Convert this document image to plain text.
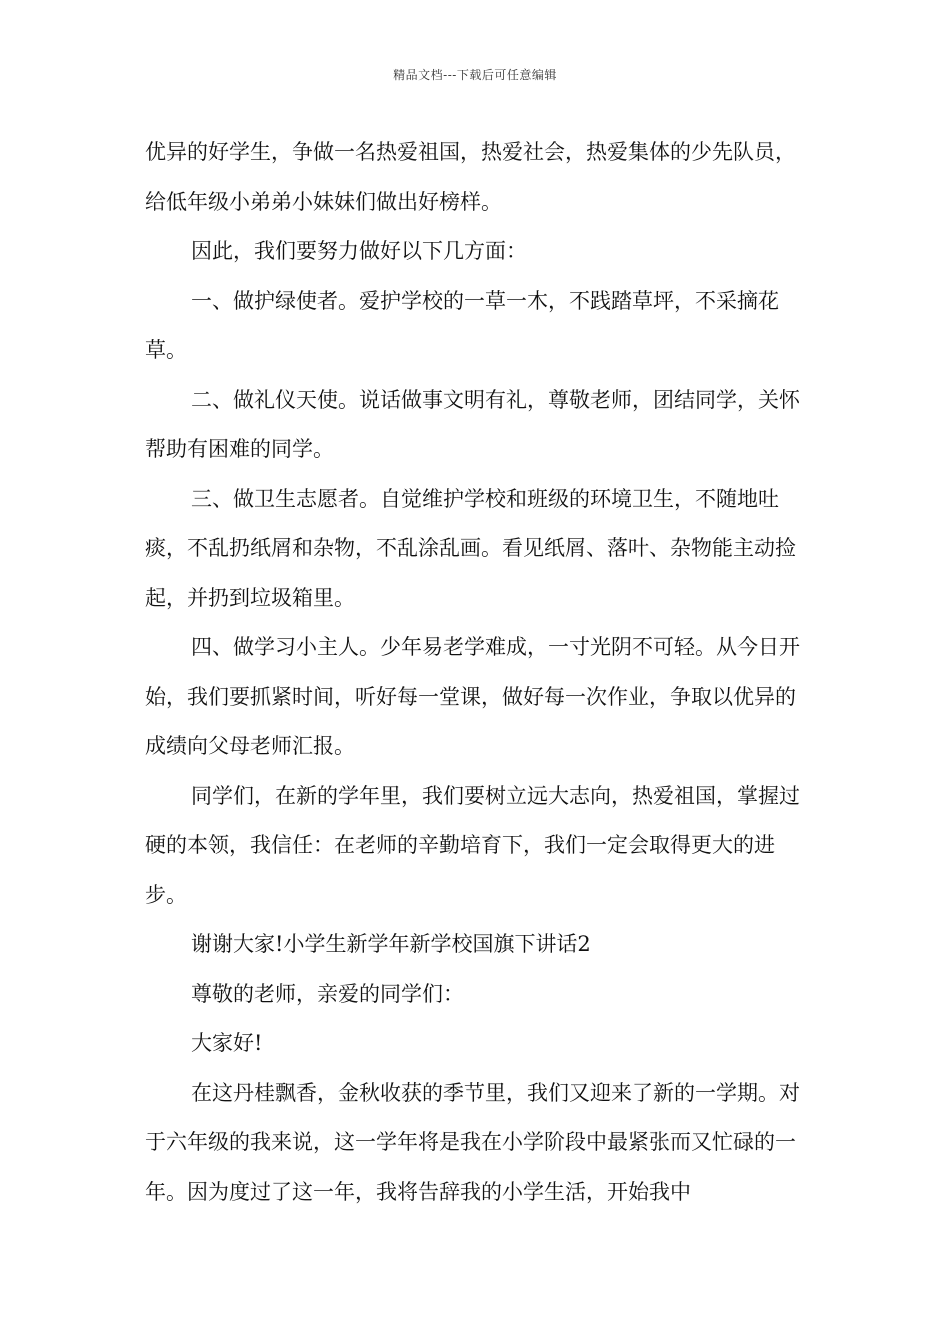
精品文档---下载后可任意编辑

优异的好学生，争做一名热爱祖国，热爱社会，热爱集体的少先队员，给低年级小弟弟小妹妹们做出好榜样。

因此，我们要努力做好以下几方面：

一、做护绿使者。爱护学校的一草一木，不践踏草坪，不采摘花草。

二、做礼仪天使。说话做事文明有礼，尊敬老师，团结同学，关怀帮助有困难的同学。

三、做卫生志愿者。自觉维护学校和班级的环境卫生，不随地吐痰，不乱扔纸屑和杂物，不乱涂乱画。看见纸屑、落叶、杂物能主动捡起，并扔到垃圾箱里。

四、做学习小主人。少年易老学难成，一寸光阴不可轻。从今日开始，我们要抓紧时间，听好每一堂课，做好每一次作业，争取以优异的成绩向父母老师汇报。

同学们，在新的学年里，我们要树立远大志向，热爱祖国，掌握过硬的本领，我信任：在老师的辛勤培育下，我们一定会取得更大的进步。

谢谢大家!小学生新学年新学校国旗下讲话2

尊敬的老师，亲爱的同学们：

大家好!

在这丹桂飘香，金秋收获的季节里，我们又迎来了新的一学期。对于六年级的我来说，这一学年将是我在小学阶段中最紧张而又忙碌的一年。因为度过了这一年，我将告辞我的小学生活，开始我中
